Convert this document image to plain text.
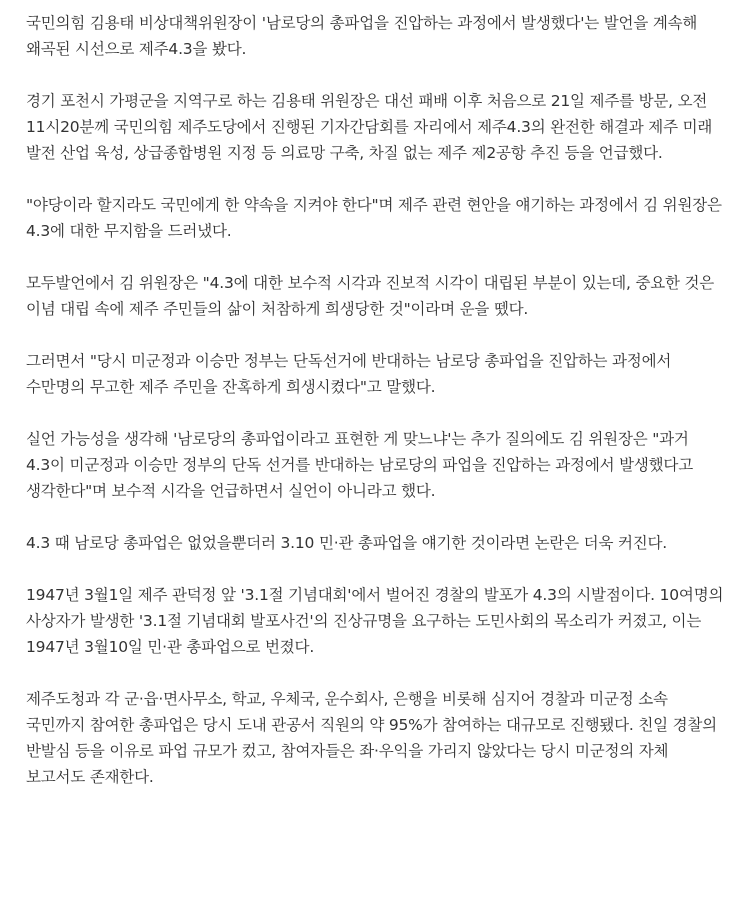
국민의힘 김용태 비상대책위원장이 '남로당의 총파업을 진압하는 과정에서 발생했다'는 발언을 계속해 왜곡된 시선으로 제주4.3을 봤다.

경기 포천시 가평군을 지역구로 하는 김용태 위원장은 대선 패배 이후 처음으로 21일 제주를 방문, 오전 11시20분께 국민의힘 제주도당에서 진행된 기자간담회를 자리에서 제주4.3의 완전한 해결과 제주 미래 발전 산업 육성, 상급종합병원 지정 등 의료망 구축, 차질 없는 제주 제2공항 추진 등을 언급했다.

"야당이라 할지라도 국민에게 한 약속을 지켜야 한다"며 제주 관련 현안을 얘기하는 과정에서 김 위원장은 4.3에 대한 무지함을 드러냈다.

모두발언에서 김 위원장은 "4.3에 대한 보수적 시각과 진보적 시각이 대립된 부분이 있는데, 중요한 것은 이념 대립 속에 제주 주민들의 삶이 처참하게 희생당한 것"이라며 운을 뗐다.

그러면서 "당시 미군정과 이승만 정부는 단독선거에 반대하는 남로당 총파업을 진압하는 과정에서 수만명의 무고한 제주 주민을 잔혹하게 희생시켰다"고 말했다.

실언 가능성을 생각해 '남로당의 총파업이라고 표현한 게 맞느냐'는 추가 질의에도 김 위원장은 "과거 4.3이 미군정과 이승만 정부의 단독 선거를 반대하는 남로당의 파업을 진압하는 과정에서 발생했다고 생각한다"며 보수적 시각을 언급하면서 실언이 아니라고 했다.

4.3 때 남로당 총파업은 없었을뿐더러 3.10 민·관 총파업을 얘기한 것이라면 논란은 더욱 커진다.

1947년 3월1일 제주 관덕정 앞 '3.1절 기념대회'에서 벌어진 경찰의 발포가 4.3의 시발점이다. 10여명의 사상자가 발생한 '3.1절 기념대회 발포사건'의 진상규명을 요구하는 도민사회의 목소리가 커졌고, 이는 1947년 3월10일 민·관 총파업으로 번졌다.

제주도청과 각 군·읍·면사무소, 학교, 우체국, 운수회사, 은행을 비롯해 심지어 경찰과 미군정 소속 국민까지 참여한 총파업은 당시 도내 관공서 직원의 약 95%가 참여하는 대규모로 진행됐다. 친일 경찰의 반발심 등을 이유로 파업 규모가 컸고, 참여자들은 좌·우익을 가리지 않았다는 당시 미군정의 자체 보고서도 존재한다.
